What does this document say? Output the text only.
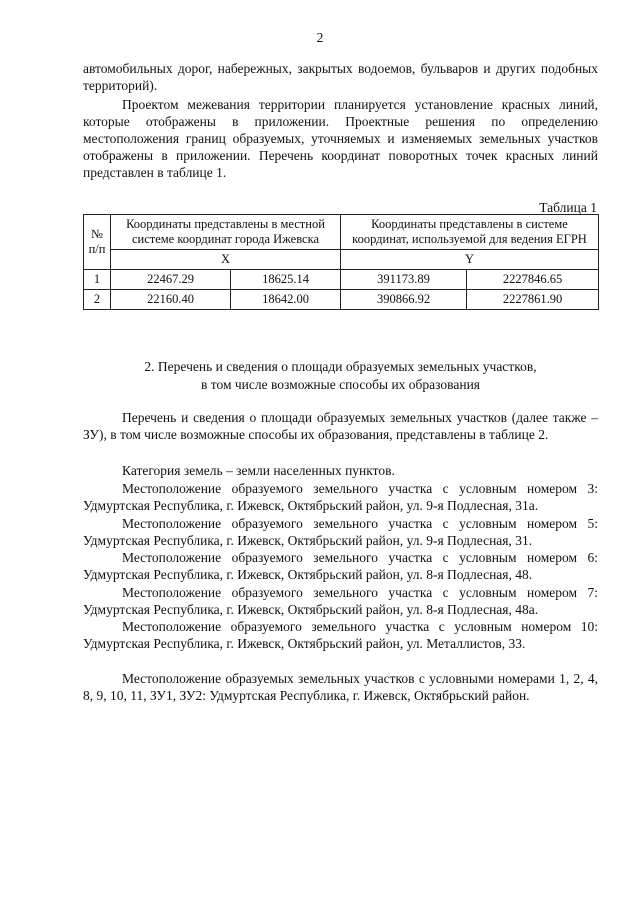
2

автомобильных дорог, набережных, закрытых водоемов, бульваров и других подобных территорий).

Проектом межевания территории планируется установление красных линий, которые отображены в приложении. Проектные решения по определению местоположения границ образуемых, уточняемых и изменяемых земельных участков отображены в приложении. Перечень координат поворотных точек красных линий представлен в таблице 1.

Таблица 1
№ п/п	Координаты представлены в местной системе координат города Ижевска		Координаты представлены в системе координат, используемой для ведения ЕГРН	
	X		Y	
1	22467.29	18625.14	391173.89	2227846.65
2	22160.40	18642.00	390866.92	2227861.90
2. Перечень и сведения о площади образуемых земельных участков,
в том числе возможные способы их образования

Перечень и сведения о площади образуемых земельных участков (далее также – ЗУ), в том числе возможные способы их образования, представлены в таблице 2.

Категория земель – земли населенных пунктов.

Местоположение образуемого земельного участка с условным номером 3: Удмуртская Республика, г. Ижевск, Октябрьский район, ул. 9-я Подлесная, 31а.

Местоположение образуемого земельного участка с условным номером 5: Удмуртская Республика, г. Ижевск, Октябрьский район, ул. 9-я Подлесная, 31.

Местоположение образуемого земельного участка с условным номером 6: Удмуртская Республика, г. Ижевск, Октябрьский район, ул. 8-я Подлесная, 48.

Местоположение образуемого земельного участка с условным номером 7: Удмуртская Республика, г. Ижевск, Октябрьский район, ул. 8-я Подлесная, 48а.

Местоположение образуемого земельного участка с условным номером 10: Удмуртская Республика, г. Ижевск, Октябрьский район, ул. Металлистов, 33.

Местоположение образуемых земельных участков с условными номерами 1, 2, 4, 8, 9, 10, 11, ЗУ1, ЗУ2: Удмуртская Республика, г. Ижевск, Октябрьский район.
